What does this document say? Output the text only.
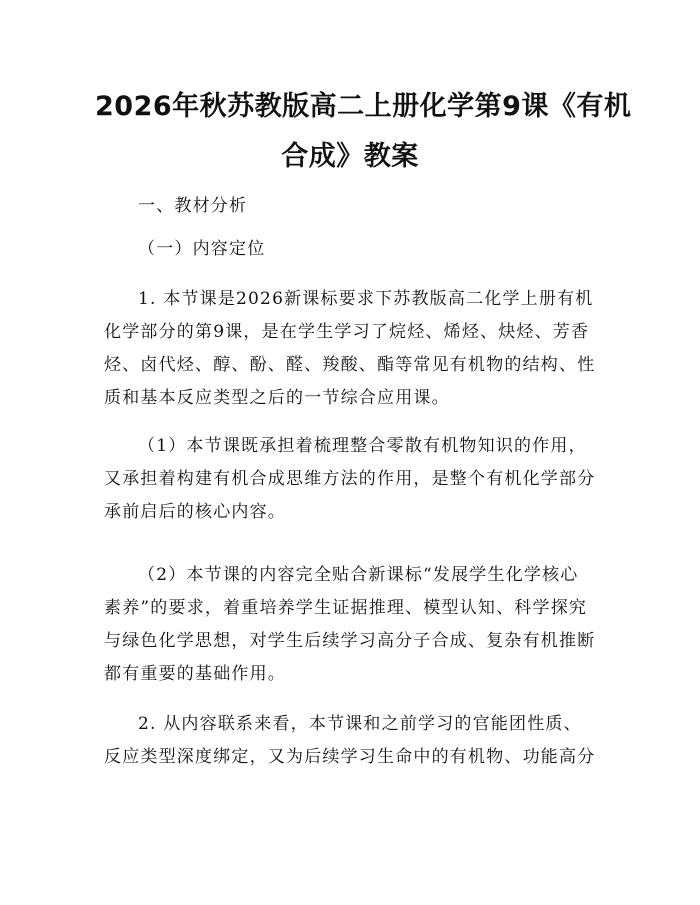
2026年秋苏教版高二上册化学第9课《有机
合成》教案

一、教材分析

（一）内容定位

1. 本节课是2026新课标要求下苏教版高二化学上册有机
化学部分的第9课，是在学生学习了烷烃、烯烃、炔烃、芳香
烃、卤代烃、醇、酚、醛、羧酸、酯等常见有机物的结构、性
质和基本反应类型之后的一节综合应用课。

（1）本节课既承担着梳理整合零散有机物知识的作用，
又承担着构建有机合成思维方法的作用，是整个有机化学部分
承前启后的核心内容。

（2）本节课的内容完全贴合新课标“发展学生化学核心
素养”的要求，着重培养学生证据推理、模型认知、科学探究
与绿色化学思想，对学生后续学习高分子合成、复杂有机推断
都有重要的基础作用。

2. 从内容联系来看，本节课和之前学习的官能团性质、
反应类型深度绑定，又为后续学习生命中的有机物、功能高分
